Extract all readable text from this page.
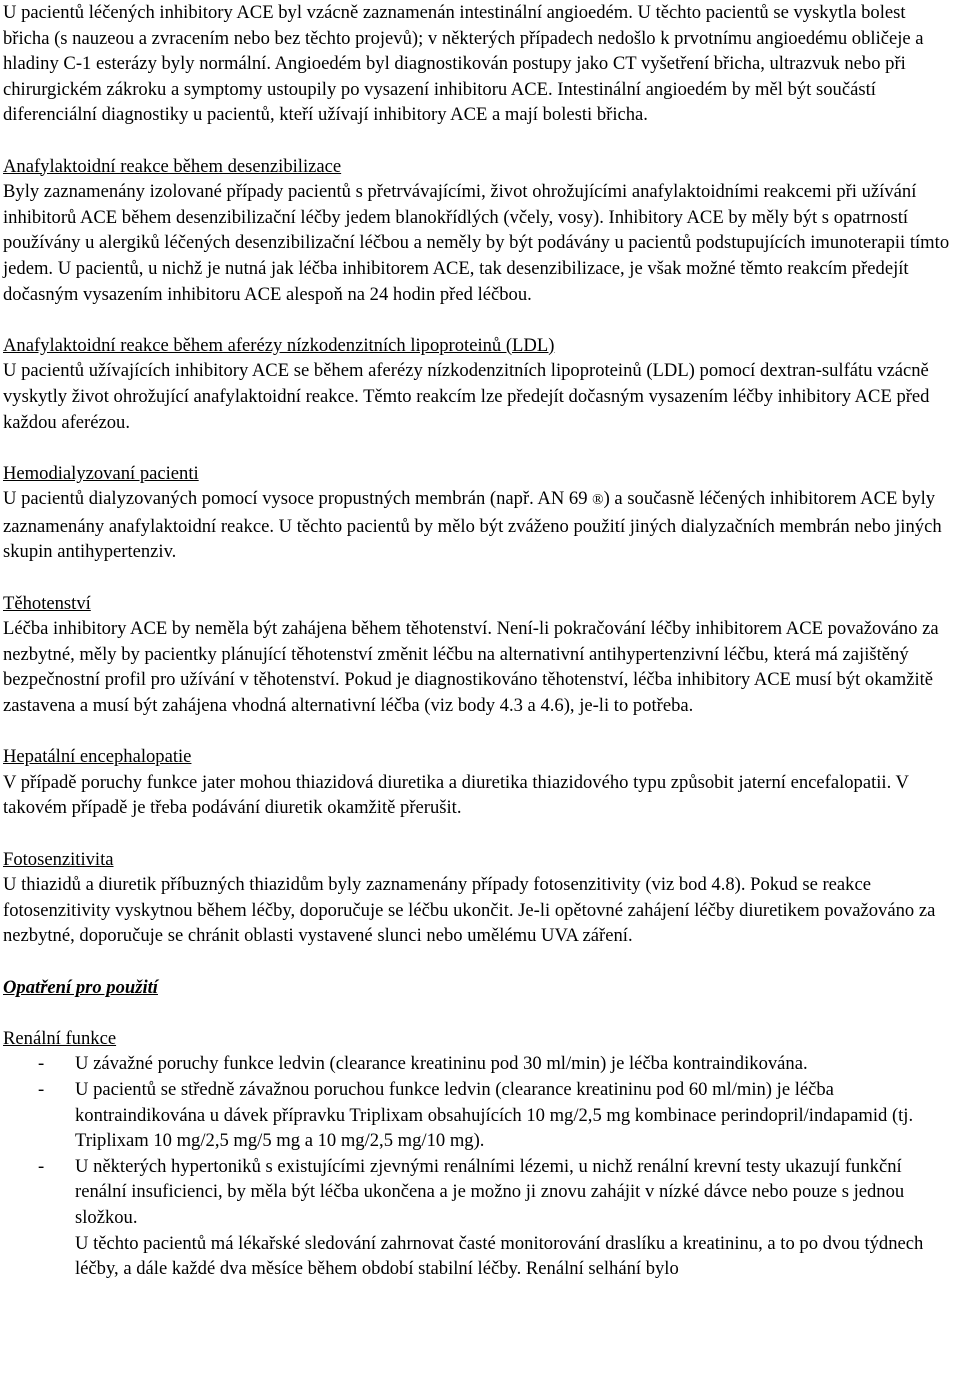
U pacientů léčených inhibitory ACE byl vzácně zaznamenán intestinální angioedém. U těchto pacientů se vyskytla bolest břicha (s nauzeou a zvracením nebo bez těchto projevů); v některých případech nedošlo k prvotnímu angioedému obličeje a hladiny C-1 esterázy byly normální. Angioedém byl diagnostikován postupy jako CT vyšetření břicha, ultrazvuk nebo při chirurgickém zákroku a symptomy ustoupily po vysazení inhibitoru ACE. Intestinální angioedém by měl být součástí diferenciální diagnostiky u pacientů, kteří užívají inhibitory ACE a mají bolesti břicha.

Anafylaktoidní reakce během desenzibilizace

Byly zaznamenány izolované případy pacientů s přetrvávajícími, život ohrožujícími anafylaktoidními reakcemi při užívání inhibitorů ACE během desenzibilizační léčby jedem blanokřídlých (včely, vosy). Inhibitory ACE by měly být s opatrností používány u alergiků léčených desenzibilizační léčbou a neměly by být podávány u pacientů podstupujících imunoterapii tímto jedem. U pacientů, u nichž je nutná jak léčba inhibitorem ACE, tak desenzibilizace, je však možné těmto reakcím předejít dočasným vysazením inhibitoru ACE alespoň na 24 hodin před léčbou.

Anafylaktoidní reakce během aferézy nízkodenzitních lipoproteinů (LDL)

U pacientů užívajících inhibitory ACE se během aferézy nízkodenzitních lipoproteinů (LDL) pomocí dextran-sulfátu vzácně vyskytly život ohrožující anafylaktoidní reakce. Těmto reakcím lze předejít dočasným vysazením léčby inhibitory ACE před každou aferézou.

Hemodialyzovaní pacienti

U pacientů dialyzovaných pomocí vysoce propustných membrán (např. AN 69 ®) a současně léčených inhibitorem ACE byly zaznamenány anafylaktoidní reakce. U těchto pacientů by mělo být zváženo použití jiných dialyzačních membrán nebo jiných skupin antihypertenziv.

Těhotenství

Léčba inhibitory ACE by neměla být zahájena během těhotenství. Není-li pokračování léčby inhibitorem ACE považováno za nezbytné, měly by pacientky plánující těhotenství změnit léčbu na alternativní antihypertenzivní léčbu, která má zajištěný bezpečnostní profil pro užívání v těhotenství. Pokud je diagnostikováno těhotenství, léčba inhibitory ACE musí být okamžitě zastavena a musí být zahájena vhodná alternativní léčba (viz body 4.3 a 4.6), je-li to potřeba.

Hepatální encephalopatie

V případě poruchy funkce jater mohou thiazidová diuretika a diuretika thiazidového typu způsobit jaterní encefalopatii. V takovém případě je třeba podávání diuretik okamžitě přerušit.

Fotosenzitivita

U thiazidů a diuretik příbuzných thiazidům byly zaznamenány případy fotosenzitivity (viz bod 4.8). Pokud se reakce fotosenzitivity vyskytnou během léčby, doporučuje se léčbu ukončit. Je-li opětovné zahájení léčby diuretikem považováno za nezbytné, doporučuje se chránit oblasti vystavené slunci nebo umělému UVA záření.

Opatření pro použití

Renální funkce

- U závažné poruchy funkce ledvin (clearance kreatininu pod 30 ml/min) je léčba kontraindikována.
- U pacientů se středně závažnou poruchou funkce ledvin (clearance kreatininu pod 60 ml/min) je léčba kontraindikována u dávek přípravku Triplixam obsahujících 10 mg/2,5 mg kombinace perindopril/indapamid (tj. Triplixam 10 mg/2,5 mg/5 mg a 10 mg/2,5 mg/10 mg).
- U některých hypertoniků s existujícími zjevnými renálními lézemi, u nichž renální krevní testy ukazují funkční renální insuficienci, by měla být léčba ukončena a je možno ji znovu zahájit v nízké dávce nebo pouze s jednou složkou.

U těchto pacientů má lékařské sledování zahrnovat časté monitorování draslíku a kreatininu, a to po dvou týdnech léčby, a dále každé dva měsíce během období stabilní léčby. Renální selhání bylo
